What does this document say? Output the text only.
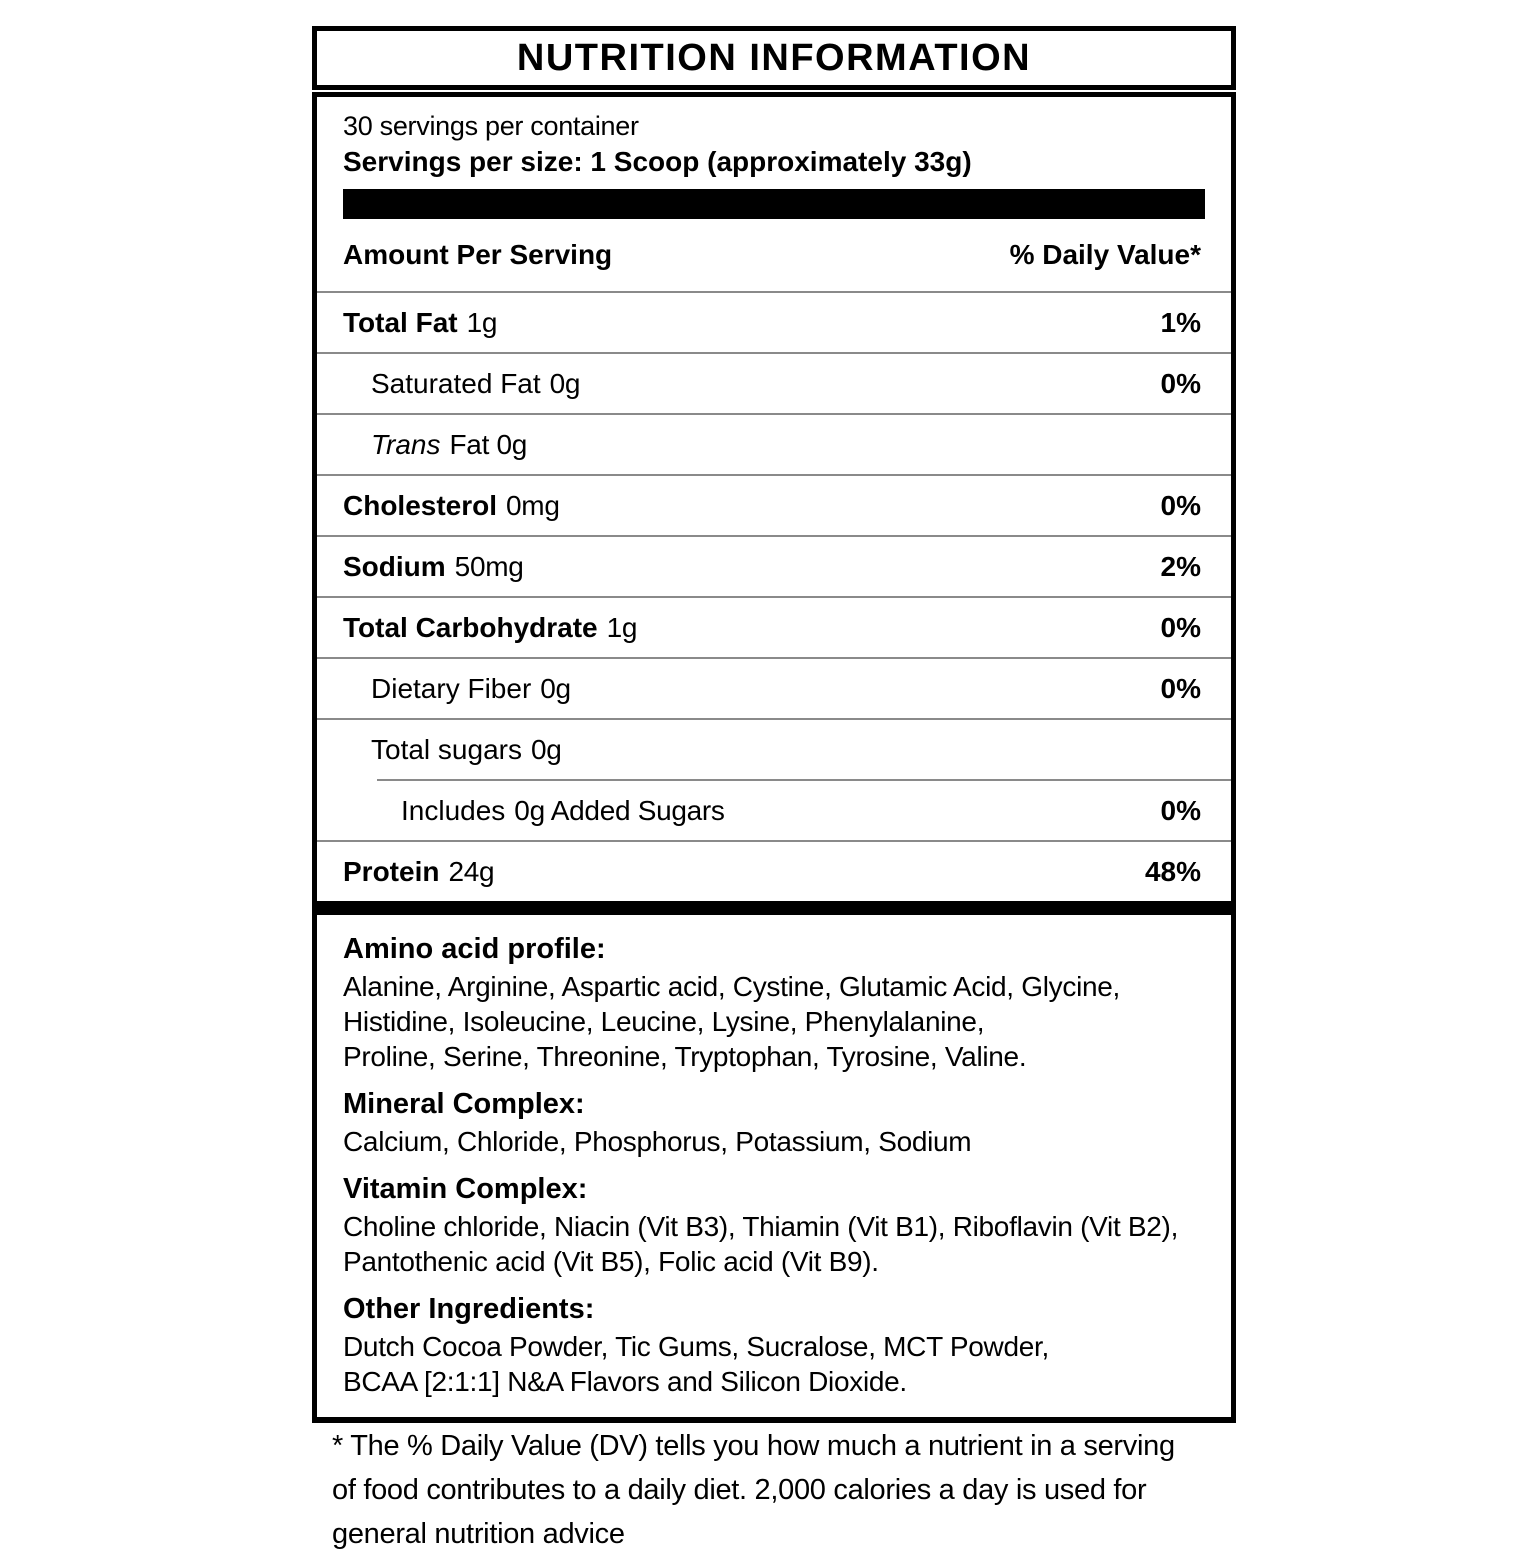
NUTRITION INFORMATION
30 servings per container
Servings per size: 1 Scoop (approximately 33g)
Amount Per Serving	% Daily Value*
Total Fat 1g	1%
Saturated Fat 0g	0%
Trans Fat 0g
Cholesterol 0mg	0%
Sodium 50mg	2%
Total Carbohydrate 1g	0%
Dietary Fiber 0g	0%
Total sugars 0g
Includes 0g Added Sugars	0%
Protein 24g	48%
Amino acid profile:
Alanine, Arginine, Aspartic acid, Cystine, Glutamic Acid, Glycine,
Histidine, Isoleucine, Leucine, Lysine, Phenylalanine,
Proline, Serine, Threonine, Tryptophan, Tyrosine, Valine.
Mineral Complex:
Calcium, Chloride, Phosphorus, Potassium, Sodium
Vitamin Complex:
Choline chloride, Niacin (Vit B3), Thiamin (Vit B1), Riboflavin (Vit B2),
Pantothenic acid (Vit B5), Folic acid (Vit B9).
Other Ingredients:
Dutch Cocoa Powder, Tic Gums, Sucralose, MCT Powder,
BCAA [2:1:1] N&A Flavors and Silicon Dioxide.
* The % Daily Value (DV) tells you how much a nutrient in a serving
of food contributes to a daily diet. 2,000 calories a day is used for
general nutrition advice
